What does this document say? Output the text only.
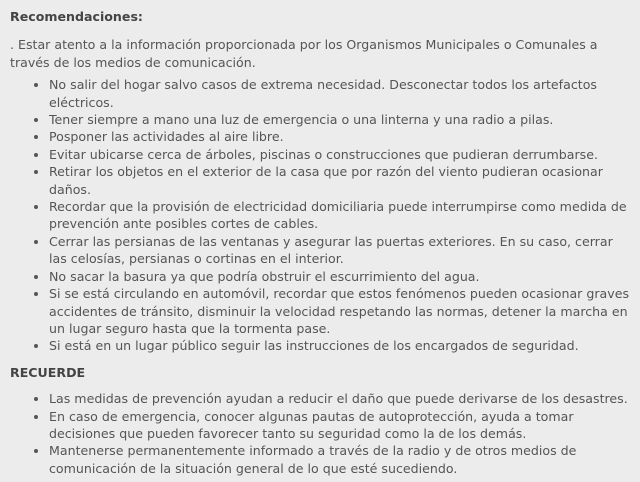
Recomendaciones:

. Estar atento a la información proporcionada por los Organismos Municipales o Comunales a través de los medios de comunicación.

• No salir del hogar salvo casos de extrema necesidad. Desconectar todos los artefactos eléctricos.
• Tener siempre a mano una luz de emergencia o una linterna y una radio a pilas.
• Posponer las actividades al aire libre.
• Evitar ubicarse cerca de árboles, piscinas o construcciones que pudieran derrumbarse.
• Retirar los objetos en el exterior de la casa que por razón del viento pudieran ocasionar daños.
• Recordar que la provisión de electricidad domiciliaria puede interrumpirse como medida de prevención ante posibles cortes de cables.
• Cerrar las persianas de las ventanas y asegurar las puertas exteriores. En su caso, cerrar las celosías, persianas o cortinas en el interior.
• No sacar la basura ya que podría obstruir el escurrimiento del agua.
• Si se está circulando en automóvil, recordar que estos fenómenos pueden ocasionar graves accidentes de tránsito, disminuir la velocidad respetando las normas, detener la marcha en un lugar seguro hasta que la tormenta pase.
• Si está en un lugar público seguir las instrucciones de los encargados de seguridad.

RECUERDE

• Las medidas de prevención ayudan a reducir el daño que puede derivarse de los desastres.
• En caso de emergencia, conocer algunas pautas de autoprotección, ayuda a tomar decisiones que pueden favorecer tanto su seguridad como la de los demás.
• Mantenerse permanentemente informado a través de la radio y de otros medios de comunicación de la situación general de lo que esté sucediendo.
